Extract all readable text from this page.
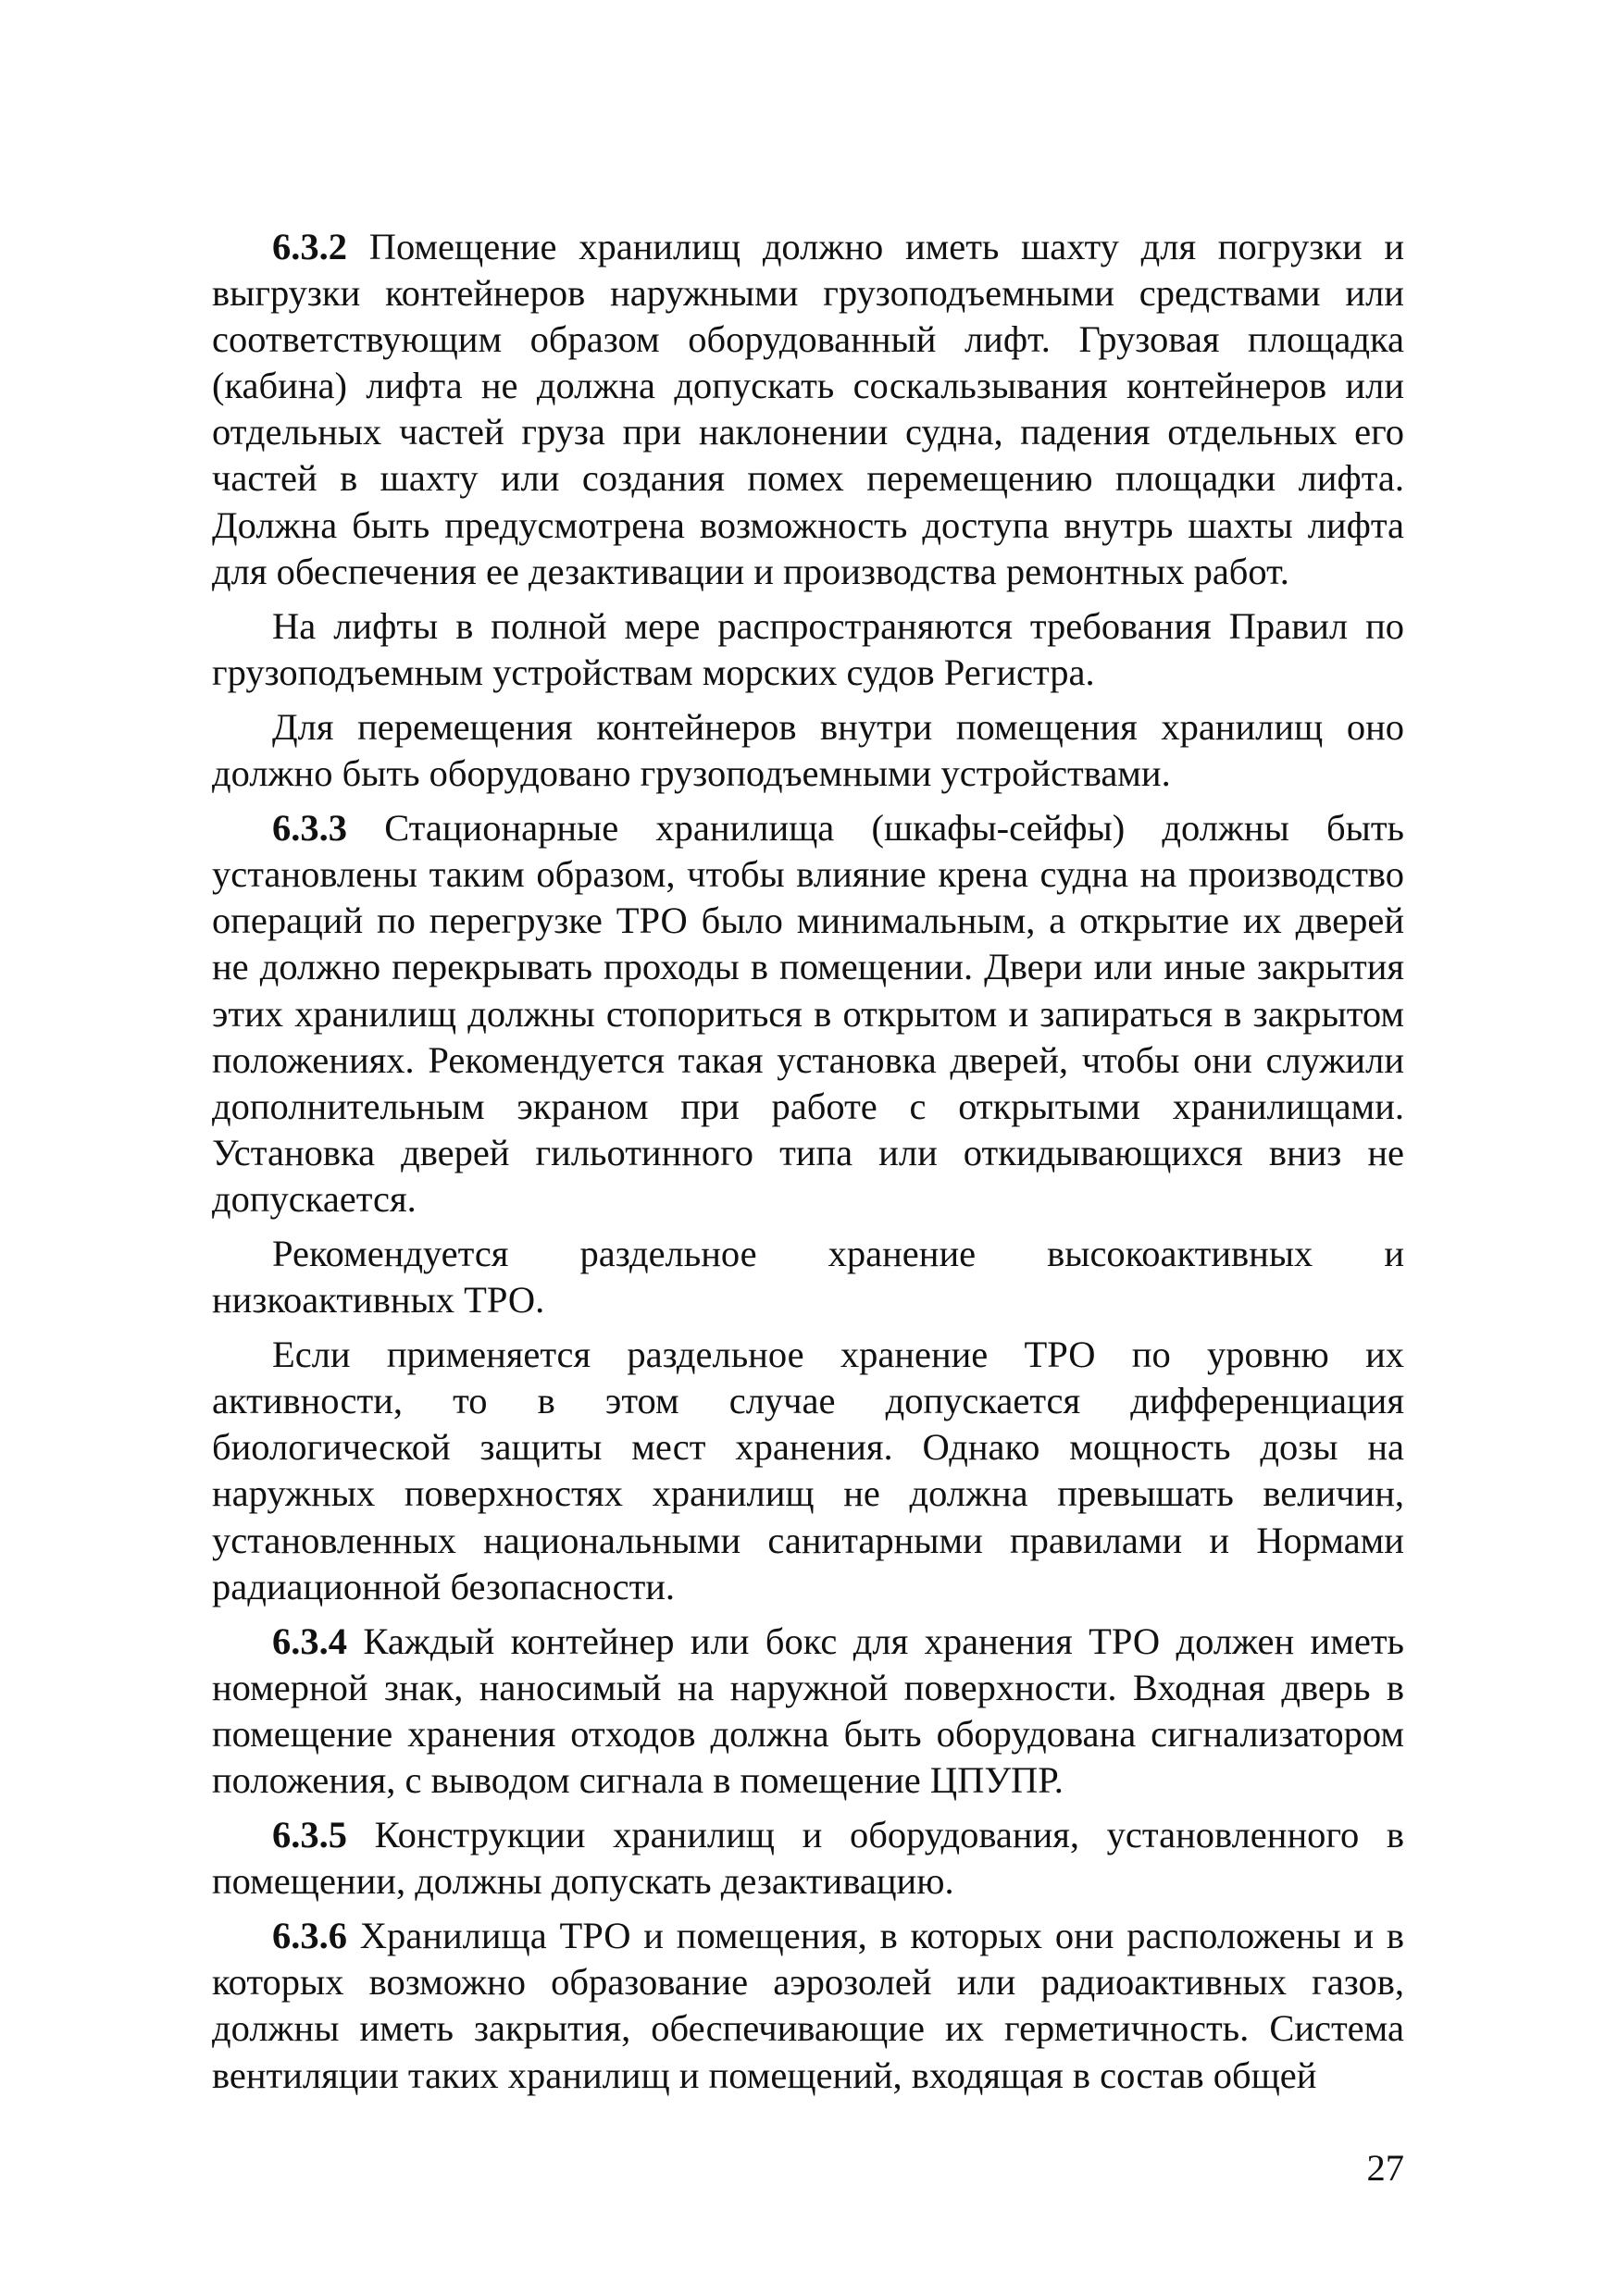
6.3.2 Помещение хранилищ должно иметь шахту для погрузки и выгрузки контейнеров наружными грузоподъемными средствами или соответствующим образом оборудованный лифт. Грузовая площадка (кабина) лифта не должна допускать соскальзывания контейнеров или отдельных частей груза при наклонении судна, падения отдельных его частей в шахту или создания помех перемещению площадки лифта. Должна быть предусмотрена возможность доступа внутрь шахты лифта для обеспечения ее дезактивации и производства ремонтных работ.

На лифты в полной мере распространяются требования Правил по грузоподъемным устройствам морских судов Регистра.

Для перемещения контейнеров внутри помещения хранилищ оно должно быть оборудовано грузоподъемными устройствами.

6.3.3 Стационарные хранилища (шкафы-сейфы) должны быть установлены таким образом, чтобы влияние крена судна на производство операций по перегрузке ТРО было минимальным, а открытие их дверей не должно перекрывать проходы в помещении. Двери или иные закрытия этих хранилищ должны стопориться в открытом и запираться в закрытом положениях. Рекомендуется такая установка дверей, чтобы они служили дополнительным экраном при работе с открытыми хранилищами. Установка дверей гильотинного типа или откидывающихся вниз не допускается.

Рекомендуется раздельное хранение высокоактивных и низкоактивных ТРО.

Если применяется раздельное хранение ТРО по уровню их активности, то в этом случае допускается дифференциация биологической защиты мест хранения. Однако мощность дозы на наружных поверхностях хранилищ не должна превышать величин, установленных национальными санитарными правилами и Нормами радиационной безопасности.

6.3.4 Каждый контейнер или бокс для хранения ТРО должен иметь номерной знак, наносимый на наружной поверхности. Входная дверь в помещение хранения отходов должна быть оборудована сигнализатором положения, с выводом сигнала в помещение ЦПУПР.

6.3.5 Конструкции хранилищ и оборудования, установленного в помещении, должны допускать дезактивацию.

6.3.6 Хранилища ТРО и помещения, в которых они расположены и в которых возможно образование аэрозолей или радиоактивных газов, должны иметь закрытия, обеспечивающие их герметичность. Система вентиляции таких хранилищ и помещений, входящая в состав общей

27
